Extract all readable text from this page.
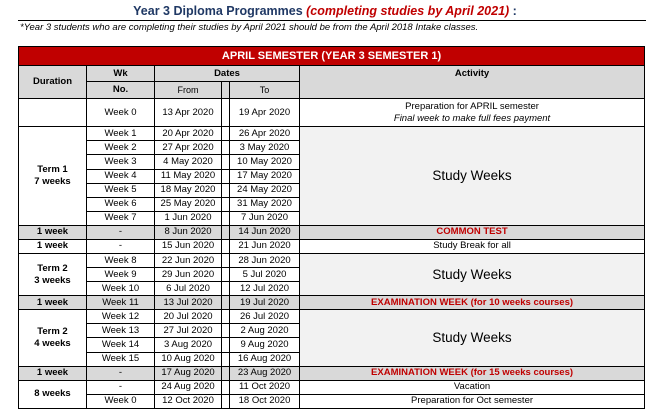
Year 3 Diploma Programmes (completing studies by April 2021) :
*Year 3 students who are completing their studies by April 2021 should be from the April 2018 Intake classes.
APRIL SEMESTER (YEAR 3 SEMESTER 1)					
Duration	Wk	Dates			Activity
	No.	From		To	
	Week 0	13 Apr 2020		19 Apr 2020	Preparation for APRIL semester
Final week to make full fees payment

Term 1
7 weeks	Week 1	20 Apr 2020		26 Apr 2020	Study Weeks
	Week 2	27 Apr 2020		3 May 2020	
	Week 3	4 May 2020		10 May 2020	
	Week 4	11 May 2020		17 May 2020	
	Week 5	18 May 2020		24 May 2020	
	Week 6	25 May 2020		31 May 2020	
	Week 7	1 Jun 2020		7 Jun 2020	
1 week	-	8 Jun 2020		14 Jun 2020	COMMON TEST
1 week	-	15 Jun 2020		21 Jun 2020	Study Break for all

Term 2
3 weeks	Week 8	22 Jun 2020		28 Jun 2020	Study Weeks
	Week 9	29 Jun 2020		5 Jul 2020	
	Week 10	6 Jul 2020		12 Jul 2020	
1 week	Week 11	13 Jul 2020		19 Jul 2020	EXAMINATION WEEK (for 10 weeks courses)

Term 2
4 weeks	Week 12	20 Jul 2020		26 Jul 2020	Study Weeks
	Week 13	27 Jul 2020		2 Aug 2020	
	Week 14	3 Aug 2020		9 Aug 2020	
	Week 15	10 Aug 2020		16 Aug 2020	
1 week	-	17 Aug 2020		23 Aug 2020	EXAMINATION WEEK (for 15 weeks courses)
8 weeks	-	24 Aug 2020		11 Oct 2020	Vacation
	Week 0	12 Oct 2020		18 Oct 2020	Preparation for Oct semester
